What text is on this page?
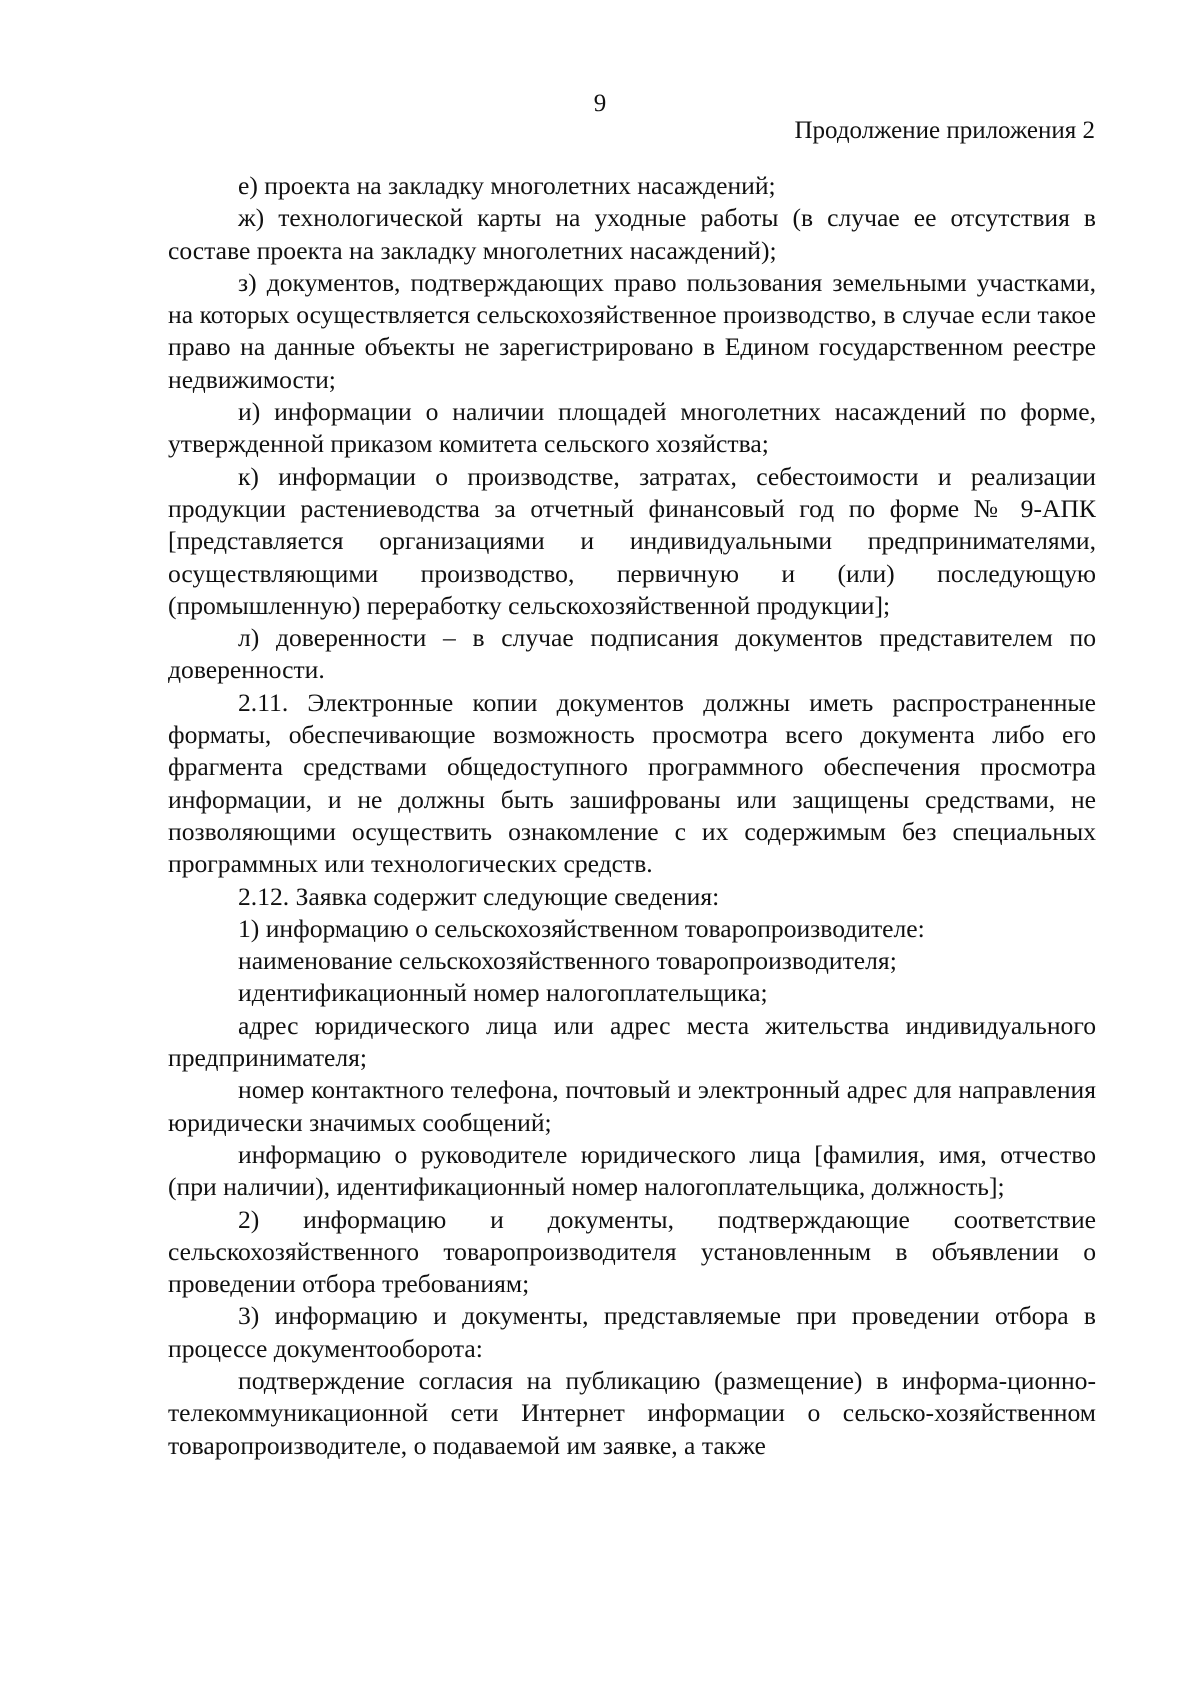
9
Продолжение приложения 2

е) проекта на закладку многолетних насаждений;

ж) технологической карты на уходные работы (в случае ее отсутствия в составе проекта на закладку многолетних насаждений);

з) документов, подтверждающих право пользования земельными участками, на которых осуществляется сельскохозяйственное производство, в случае если такое право на данные объекты не зарегистрировано в Едином государственном реестре недвижимости;

и) информации о наличии площадей многолетних насаждений по форме, утвержденной приказом комитета сельского хозяйства;

к) информации о производстве, затратах, себестоимости и реализации продукции растениеводства за отчетный финансовый год по форме № 9-АПК [представляется организациями и индивидуальными предпринимателями, осуществляющими производство, первичную и (или) последующую (промышленную) переработку сельскохозяйственной продукции];

л) доверенности – в случае подписания документов представителем по доверенности.

2.11. Электронные копии документов должны иметь распространенные форматы, обеспечивающие возможность просмотра всего документа либо его фрагмента средствами общедоступного программного обеспечения просмотра информации, и не должны быть зашифрованы или защищены средствами, не позволяющими осуществить ознакомление с их содержимым без специальных программных или технологических средств.

2.12. Заявка содержит следующие сведения:

1) информацию о сельскохозяйственном товаропроизводителе:

наименование сельскохозяйственного товаропроизводителя;

идентификационный номер налогоплательщика;

адрес юридического лица или адрес места жительства индивидуального предпринимателя;

номер контактного телефона, почтовый и электронный адрес для направления юридически значимых сообщений;

информацию о руководителе юридического лица [фамилия, имя, отчество (при наличии), идентификационный номер налогоплательщика, должность];

2) информацию и документы, подтверждающие соответствие сельскохозяйственного товаропроизводителя установленным в объявлении о проведении отбора требованиям;

3) информацию и документы, представляемые при проведении отбора в процессе документооборота:

подтверждение согласия на публикацию (размещение) в информа-ционно-телекоммуникационной сети Интернет информации о сельско-хозяйственном товаропроизводителе, о подаваемой им заявке, а также
